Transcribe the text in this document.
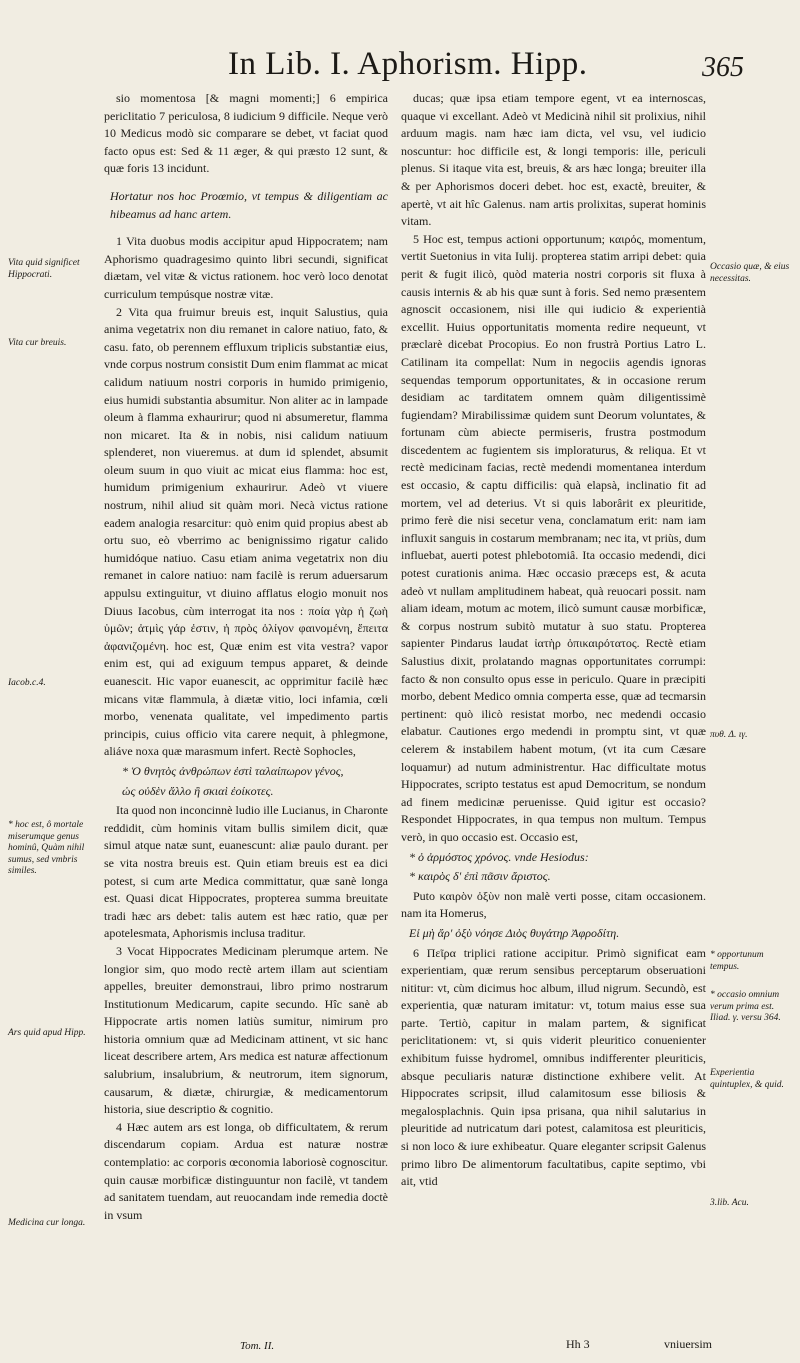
In Lib. I. Aphorism. Hipp.	365

sio momentosa [& magni momenti;] 6 empirica periclitatio 7 periculosa, 8 iudicium 9 difficile. Neque verò 10 Medicus modò sic comparare se debet, vt faciat quod facto opus est: Sed & 11 æger, & qui præsto 12 sunt, & quæ foris 13 incidunt.

Hortatur nos hoc Proœmio, vt tempus & diligentiam ac hibeamus ad hanc artem.

1 Vita duobus modis accipitur apud Hippocratem; nam Aphorismo quadragesimo quinto libri secundi, significat diætam, vel vitæ & victus rationem. hoc verò loco denotat curriculum tempúsque nostræ vitæ.

2 Vita qua fruimur breuis est, inquit Salustius, quia anima vegetatrix non diu remanet in calore natiuo, fato, & casu. fato, ob perennem effluxum triplicis substantiæ eius, vnde corpus nostrum consistit Dum enim flammat ac micat calidum natiuum nostri corporis in humido primigenio, eius humidi substantia absumitur. Non aliter ac in lampade oleum à flamma exhaurirur; quod ni absumeretur, flamma non micaret. Ita & in nobis, nisi calidum natiuum splenderet, non viueremus. at dum id splendet, absumit oleum suum in quo viuit ac micat eius flamma: hoc est, humidum primigenium exhaurirur. Adeò vt viuere nostrum, nihil aliud sit quàm mori. Necà victus ratione eadem analogia resarcitur: quò enim quid propius abest ab ortu suo, eò vberrimo ac benignissimo rigatur calido humidóque natiuo. Casu etiam anima vegetatrix non diu remanet in calore natiuo: nam facilè is rerum aduersarum appulsu extinguitur, vt diuino afflatus elogio monuit nos Diuus Iacobus, cùm interrogat ita nos : ποία γὰρ ἡ ζωὴ ὑμῶν; ἀτμὶς γάρ ἐστιν, ἡ πρὸς ὀλίγον φαινομένη, ἔπειτα ἀφανιζομένη. hoc est, Quæ enim est vita vestra? vapor enim est, qui ad exiguum tempus apparet, & deinde euanescit. Hic vapor euanescit, ac opprimitur facilè hæc micans vitæ flammula, à diætæ vitio, loci infamia, cœli morbo, venenata qualitate, vel impedimento partis principis, cuius officio vita carere nequit, à phlegmone, aliáve noxa quæ marasmum infert. Rectè Sophocles,

* Ὁ θνητὸς ἀνθρώπων ἐστὶ ταλαίπωρον γένος,

ὡς οὐδὲν ἄλλο ἢ σκιαὶ ἐοίκοτες.

Ita quod non inconcinnè ludio ille Lucianus, in Charonte reddidit, cùm hominis vitam bullis similem dicit, quæ simul atque natæ sunt, euanescunt: aliæ paulo durant. per se vita nostra breuis est. Quin etiam breuis est ea dici potest, si cum arte Medica committatur, quæ sanè longa est. Quasi dicat Hippocrates, propterea summa breuitate tradi hæc ars debet: talis autem est hæc ratio, quæ per apotelesmata, Aphorismis inclusa traditur.

3 Vocat Hippocrates Medicinam plerumque artem. Ne longior sim, quo modo rectè artem illam aut scientiam appelles, breuiter demonstraui, libro primo nostrarum Institutionum Medicarum, capite secundo. Hîc sanè ab Hippocrate artis nomen latiùs sumitur, nimirum pro historia omnium quæ ad Medicinam attinent, vt sic hanc liceat describere artem, Ars medica est naturæ affectionum salubrium, insalubrium, & neutrorum, item signorum, causarum, & diætæ, chirurgiæ, & medicamentorum historia, siue descriptio & cognitio.

4 Hæc autem ars est longa, ob difficultatem, & rerum discendarum copiam. Ardua est naturæ nostræ contemplatio: ac corporis œconomia laboriosè cognoscitur. quin causæ morbificæ distinguuntur non facilè, vt tandem ad sanitatem tuendam, aut reuocandam inde remedia doctè in vsum

ducas; quæ ipsa etiam tempore egent, vt ea internoscas, quaque vi excellant. Adeò vt Medicinà nihil sit prolixius, nihil arduum magis. nam hæc iam dicta, vel vsu, vel iudicio noscuntur: hoc difficile est, & longi temporis: ille, periculi plenus. Si itaque vita est, breuis, & ars hæc longa; breuiter illa & per Aphorismos doceri debet. hoc est, exactè, breuiter, & apertè, vt ait hîc Galenus. nam artis prolixitas, superat hominis vitam.

5 Hoc est, tempus actioni opportunum; καιρός, momentum, vertit Suetonius in vita Iulij. propterea statim arripi debet: quia perit & fugit ilicò, quòd materia nostri corporis sit fluxa à causis internis & ab his quæ sunt à foris. Sed nemo præsentem agnoscit occasionem, nisi ille qui iudicio & experientià excellit. Huius opportunitatis momenta redire nequeunt, vt præclarè dicebat Procopius. Eo non frustrà Portius Latro L. Catilinam ita compellat: Num in negociis agendis ignoras sequendas temporum opportunitates, & in occasione rerum desidiam ac tarditatem omnem quàm diligentissimè fugiendam? Mirabilissimæ quidem sunt Deorum voluntates, & fortunam cùm abiecte permiseris, frustra postmodum discedentem ac fugientem sis imploraturus, & reliqua. Et vt rectè medicinam facias, rectè medendi momentanea interdum est occasio, & captu difficilis: quà elapsà, inclinatio fit ad mortem, vel ad deterius. Vt si quis laborârit ex pleuritide, primo ferè die nisi secetur vena, conclamatum erit: nam iam influxit sanguis in costarum membranam; nec ita, vt priùs, dum influebat, auerti potest phlebotomiâ. Ita occasio medendi, dici potest curationis anima. Hæc occasio præceps est, & acuta adeò vt nullam amplitudinem habeat, quà reuocari possit. nam aliam ideam, motum ac motem, ilicò sumunt causæ morbificæ, & corpus nostrum subitò mutatur à suo statu. Propterea sapienter Pindarus laudat ἰατὴρ ὀπικαιρότατος. Rectè etiam Salustius dixit, prolatando magnas opportunitates corrumpi: facto & non consulto opus esse in periculo. Quare in præcipiti morbo, debent Medico omnia comperta esse, quæ ad tecmarsin pertinent: quò ilicò resistat morbo, nec medendi occasio elabatur. Cautiones ergo medendi in promptu sint, vt quæ celerem & instabilem habent motum, (vt ita cum Cæsare loquamur) ad nutum administrentur. Hac difficultate motus Hippocrates, scripto testatus est apud Democritum, se nondum ad finem medicinæ peruenisse. Quid igitur est occasio? Respondet Hippocrates, in qua tempus non multum. Tempus verò, in quo occasio est. Occasio est,

* ὁ ἁρμόστος χρόνος. vnde Hesiodus:

* καιρὸς δ' ἐπὶ πᾶσιν ἄριστος.

Puto καιρὸν ὀξὺν non malè verti posse, citam occasionem. nam ita Homerus,

Εἰ μὴ ἄρ' ὀξὺ νόησε Διὸς θυγάτηρ Ἀφροδίτη.

6 Πεῖρα triplici ratione accipitur. Primò significat eam experientiam, quæ rerum sensibus perceptarum obseruationi nititur: vt, cùm dicimus hoc album, illud nigrum. Secundò, est experientia, quæ naturam imitatur: vt, totum maius esse sua parte. Tertiò, capitur in malam partem, & significat periclitationem: vt, si quis viderit pleuritico conuenienter exhibitum fuisse hydromel, omnibus indifferenter pleuriticis, absque peculiaris naturæ distinctione exhibere velit. At Hippocrates scripsit, illud calamitosum esse biliosis & megalosplachnis. Quin ipsa prisana, qua nihil salutarius in pleuritide ad nutricatum dari potest, calamitosa est pleuriticis, si non loco & iure exhibeatur. Quare eleganter scripsit Galenus primo libro De alimentorum facultatibus, capite septimo, vbi ait, vtid

Vita quid significet Hippocrati.
Vita cur breuis.
Iacob.c.4.
* hoc est, ô mortale miserumque genus hominû, Quàm nihil sumus, sed vmbris similes.
Ars quid apud Hipp.
Medicina cur longa.
Occasio quæ, & eius necessitas.
πυθ. Δ. ιγ.
* opportunum tempus.
* occasio omnium verum prima est. Iliad. γ. versu 364.
Experientia quintuplex, & quid.
3.lib. Acu.
Tom. II.	Hh 3	vniuersim
